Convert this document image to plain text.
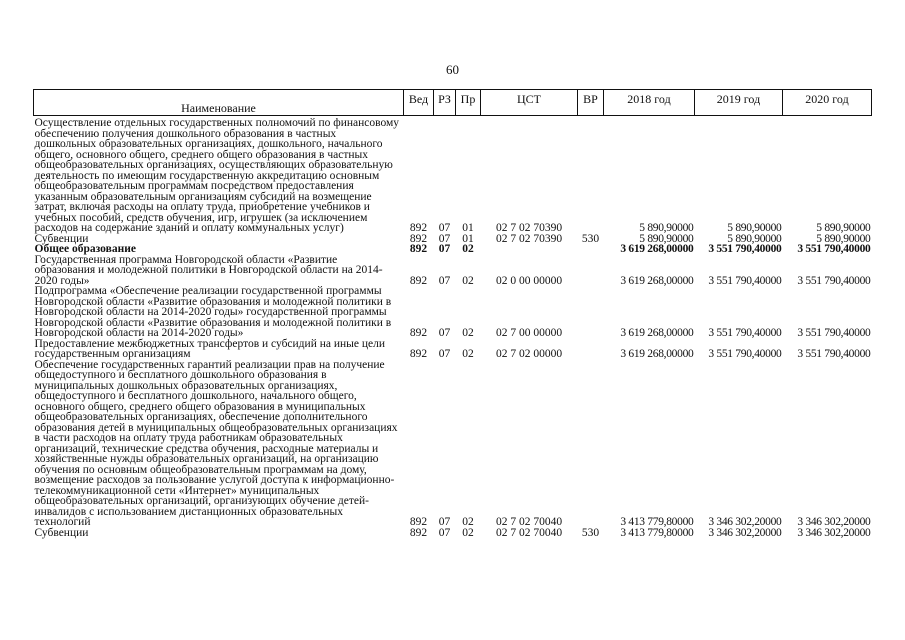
60
Наименование	Вед	РЗ	Пр	ЦСТ	ВР	2018 год	2019 год	2020 год
Осуществление отдельных государственных полномочий по финансовому обеспечению получения дошкольного образования в частных дошкольных образовательных организациях, дошкольного, начального общего, основного общего, среднего общего образования в частных общеобразовательных организациях, осуществляющих образовательную деятельность по имеющим государственную аккредитацию основным общеобразовательным программам посредством предоставления указанным образовательным организациям субсидий на возмещение затрат, включая расходы на оплату труда, приобретение учебников и учебных пособий, средств обучения, игр, игрушек (за исключением расходов на содержание зданий и оплату коммунальных услуг)	892	07	01	02 7 02 70390		5 890,90000	5 890,90000	5 890,90000
Субвенции	892	07	01	02 7 02 70390	530	5 890,90000	5 890,90000	5 890,90000
Общее образование	892	07	02			3 619 268,00000	3 551 790,40000	3 551 790,40000
Государственная программа Новгородской области «Развитие образования и молодежной политики в Новгородской области на 2014-2020 годы»	892	07	02	02 0 00 00000		3 619 268,00000	3 551 790,40000	3 551 790,40000
Подпрограмма «Обеспечение реализации государственной программы Новгородской области «Развитие образования и молодежной политики в Новгородской области на 2014-2020 годы» государственной программы Новгородской области «Развитие образования и молодежной политики в Новгородской области на 2014-2020 годы»	892	07	02	02 7 00 00000		3 619 268,00000	3 551 790,40000	3 551 790,40000
Предоставление межбюджетных трансфертов и субсидий на иные цели государственным организациям	892	07	02	02 7 02 00000		3 619 268,00000	3 551 790,40000	3 551 790,40000
Обеспечение государственных гарантий реализации прав на получение общедоступного и бесплатного дошкольного образования в муниципальных дошкольных образовательных организациях, общедоступного и бесплатного дошкольного, начального общего, основного общего, среднего общего образования в муниципальных общеобразовательных организациях, обеспечение дополнительного образования детей в муниципальных общеобразовательных организациях в части расходов на оплату труда работникам образовательных организаций, технические средства обучения, расходные материалы и хозяйственные нужды образовательных организаций, на организацию обучения по основным общеобразовательным программам на дому, возмещение расходов за пользование услугой доступа к информационно-телекоммуникационной сети «Интернет» муниципальных общеобразовательных организаций, организующих обучение детей-инвалидов с использованием дистанционных образовательных технологий	892	07	02	02 7 02 70040		3 413 779,80000	3 346 302,20000	3 346 302,20000
Субвенции	892	07	02	02 7 02 70040	530	3 413 779,80000	3 346 302,20000	3 346 302,20000
